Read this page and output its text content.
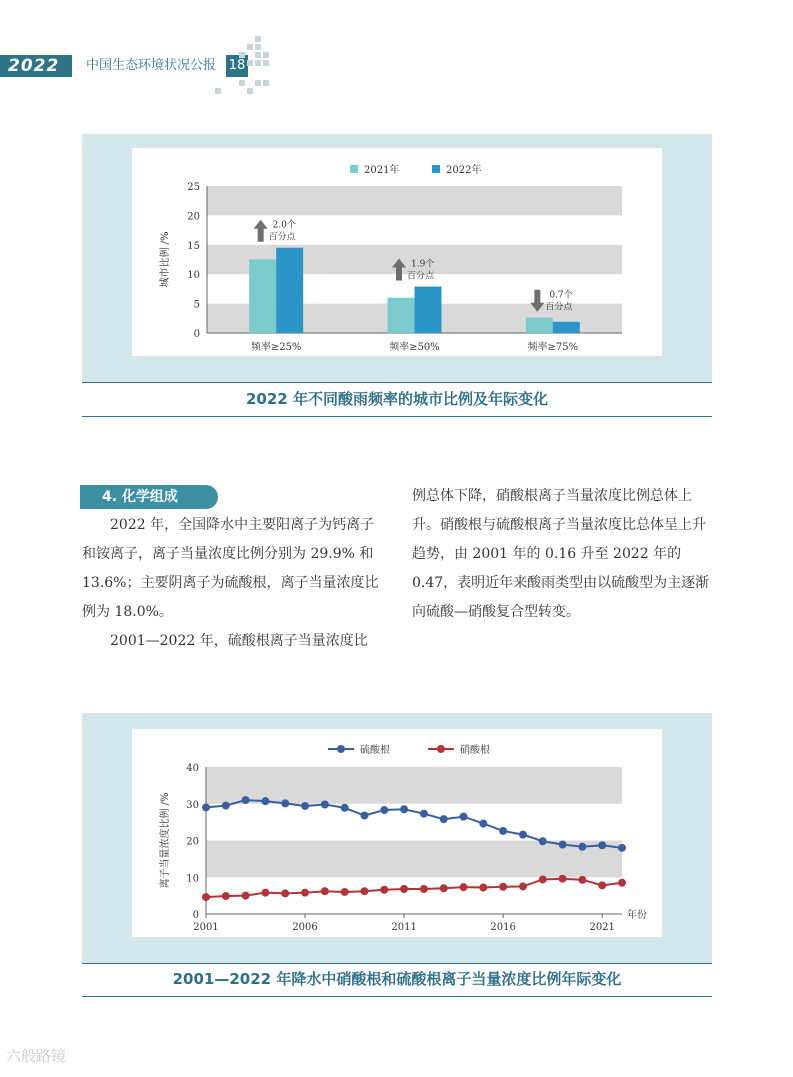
2022	中国生态环境状况公报 18
0
5
10
15
20
25
城市比例 /%
频率≥25%
2.0个
百分点
频率≥50%
1.9个
百分点
频率≥75%
0.7个
百分点
2021年	2022年
2022 年不同酸雨频率的城市比例及年际变化
4. 化学组成

2022 年，全国降水中主要阳离子为钙离子和铵离子，离子当量浓度比例分别为 29.9% 和 13.6%；主要阴离子为硫酸根，离子当量浓度比例为 18.0%。

2001—2022 年，硫酸根离子当量浓度比

例总体下降，硝酸根离子当量浓度比例总体上升。硝酸根与硫酸根离子当量浓度比总体呈上升趋势，由 2001 年的 0.16 升至 2022 年的 0.47，表明近年来酸雨类型由以硫酸型为主逐渐向硫酸—硝酸复合型转变。

0
10
20
30
40
2001	2006	2011	2016	2021
年份
离子当量浓度比例 /%
硫酸根	硝酸根
2001—2022 年降水中硝酸根和硫酸根离子当量浓度比例年际变化
六般路镜
